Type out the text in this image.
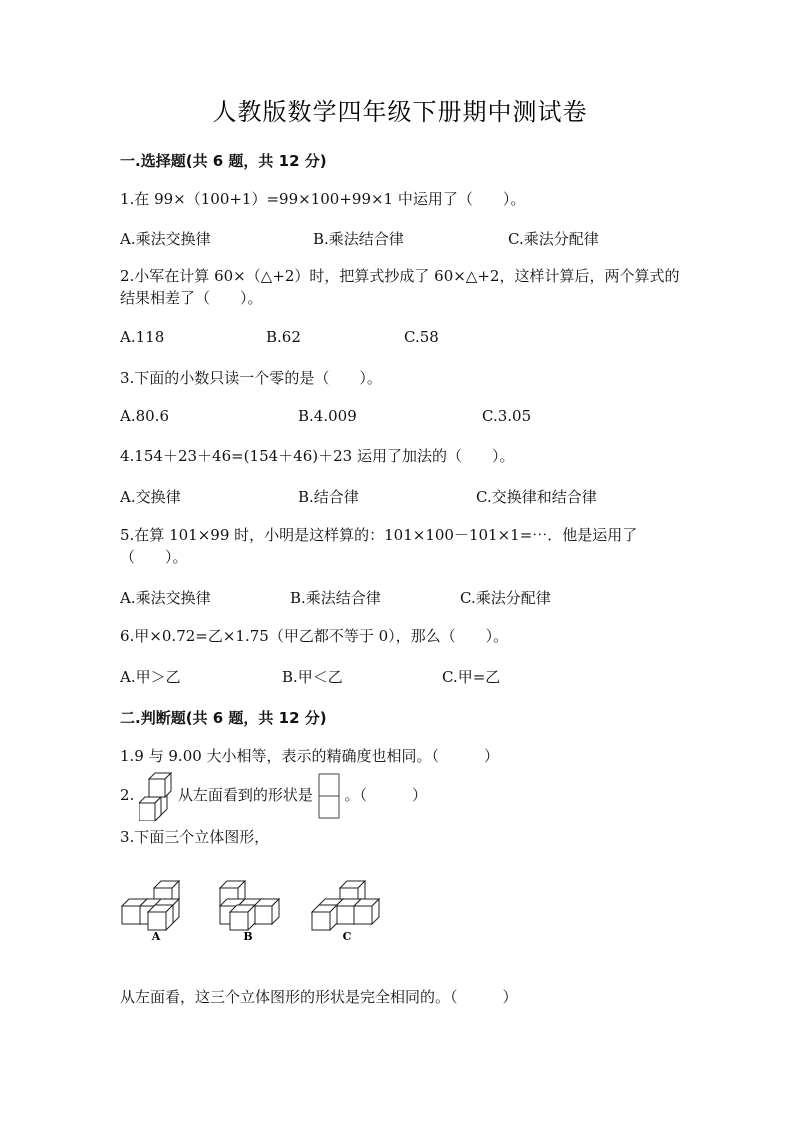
人教版数学四年级下册期中测试卷
一.选择题(共 6 题，共 12 分)
1.在 99×（100+1）=99×100+99×1 中运用了（　　）。
A.乘法交换律	B.乘法结合律	C.乘法分配律
2.小军在计算 60×（△+2）时，把算式抄成了 60×△+2，这样计算后，两个算式的结果相差了（　　）。
A.118	B.62	C.58
3.下面的小数只读一个零的是（　　）。
A.80.6	B.4.009	C.3.05
4.154＋23＋46=(154＋46)＋23 运用了加法的（　　）。
A.交换律	B.结合律	C.交换律和结合律
5.在算 101×99 时，小明是这样算的：101×100－101×1=⋯．他是运用了（　　）。
A.乘法交换律	B.乘法结合律	C.乘法分配律
6.甲×0.72=乙×1.75（甲乙都不等于 0），那么（　　）。
A.甲＞乙	B.甲＜乙	C.甲=乙
二.判断题(共 6 题，共 12 分)
1.9 与 9.00 大小相等，表示的精确度也相同。（　　　）
2.	从左面看到的形状是 。（　　　）
3.下面三个立体图形，
A	B	C
从左面看，这三个立体图形的形状是完全相同的。（　　　）
